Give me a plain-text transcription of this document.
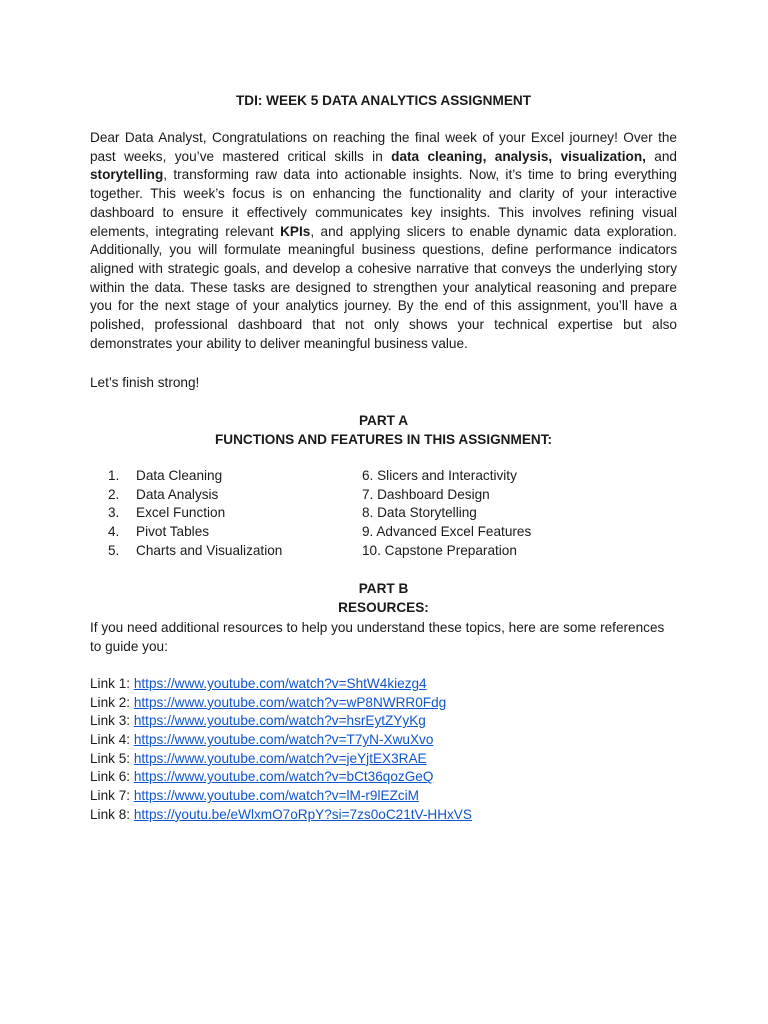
TDI: WEEK 5 DATA ANALYTICS ASSIGNMENT

Dear Data Analyst, Congratulations on reaching the final week of your Excel journey! Over the past weeks, you’ve mastered critical skills in data cleaning, analysis, visualization, and storytelling, transforming raw data into actionable insights. Now, it’s time to bring everything together. This week’s focus is on enhancing the functionality and clarity of your interactive dashboard to ensure it effectively communicates key insights. This involves refining visual elements, integrating relevant KPIs, and applying slicers to enable dynamic data exploration. Additionally, you will formulate meaningful business questions, define performance indicators aligned with strategic goals, and develop a cohesive narrative that conveys the underlying story within the data. These tasks are designed to strengthen your analytical reasoning and prepare you for the next stage of your analytics journey. By the end of this assignment, you’ll have a polished, professional dashboard that not only shows your technical expertise but also demonstrates your ability to deliver meaningful business value.

Let’s finish strong!

PART A
FUNCTIONS AND FEATURES IN THIS ASSIGNMENT:
1. Data Cleaning
2. Data Analysis
3. Excel Function
4. Pivot Tables
5. Charts and Visualization
6. Slicers and Interactivity
7. Dashboard Design
8. Data Storytelling
9. Advanced Excel Features
10. Capstone Preparation
PART B
RESOURCES:

If you need additional resources to help you understand these topics, here are some references to guide you:

Link 1: https://www.youtube.com/watch?v=ShtW4kiezg4
Link 2: https://www.youtube.com/watch?v=wP8NWRR0Fdg
Link 3: https://www.youtube.com/watch?v=hsrEytZYyKg
Link 4: https://www.youtube.com/watch?v=T7yN-XwuXvo
Link 5: https://www.youtube.com/watch?v=jeYjtEX3RAE
Link 6: https://www.youtube.com/watch?v=bCt36qozGeQ
Link 7: https://www.youtube.com/watch?v=lM-r9lEZciM
Link 8: https://youtu.be/eWlxmO7oRpY?si=7zs0oC21tV-HHxVS
